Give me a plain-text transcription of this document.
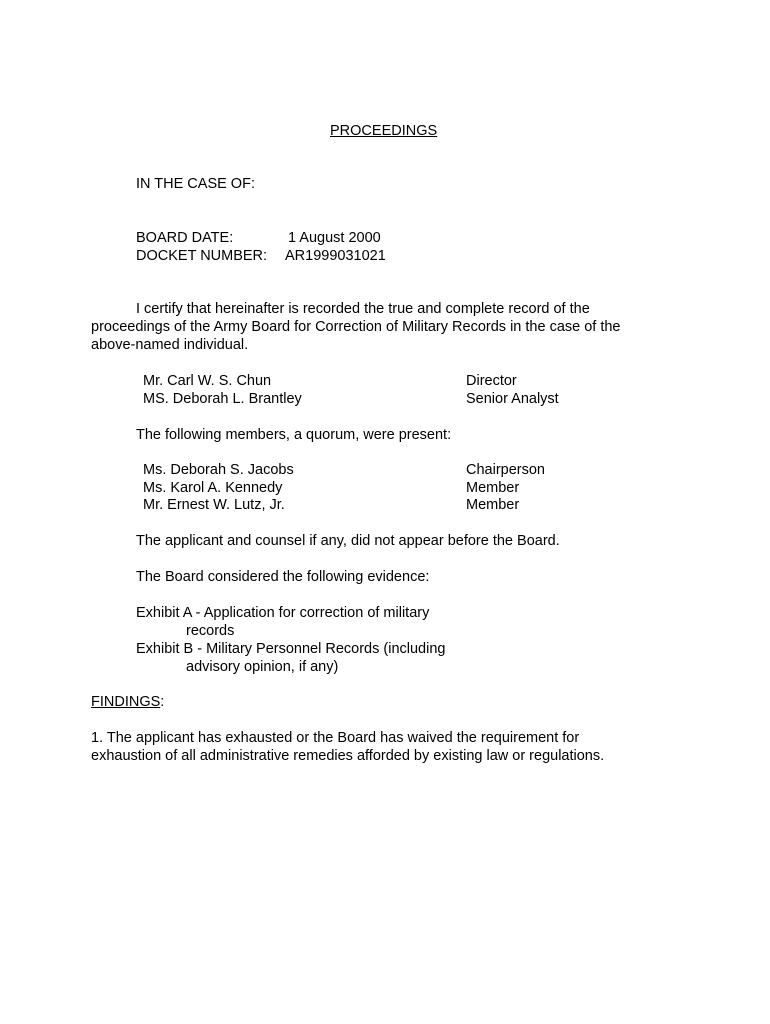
PROCEEDINGS
IN THE CASE OF:
BOARD DATE:	1 August 2000
DOCKET NUMBER: AR1999031021
I certify that hereinafter is recorded the true and complete record of the
proceedings of the Army Board for Correction of Military Records in the case of the
above-named individual.
Mr. Carl W. S. Chun	Director
MS. Deborah L. Brantley	Senior Analyst
The following members, a quorum, were present:
Ms. Deborah S. Jacobs	Chairperson
Ms. Karol A. Kennedy	Member
Mr. Ernest W. Lutz, Jr.	Member
The applicant and counsel if any, did not appear before the Board.
The Board considered the following evidence:
Exhibit A - Application for correction of military
records
Exhibit B - Military Personnel Records (including
advisory opinion, if any)
FINDINGS:
1. The applicant has exhausted or the Board has waived the requirement for
exhaustion of all administrative remedies afforded by existing law or regulations.
